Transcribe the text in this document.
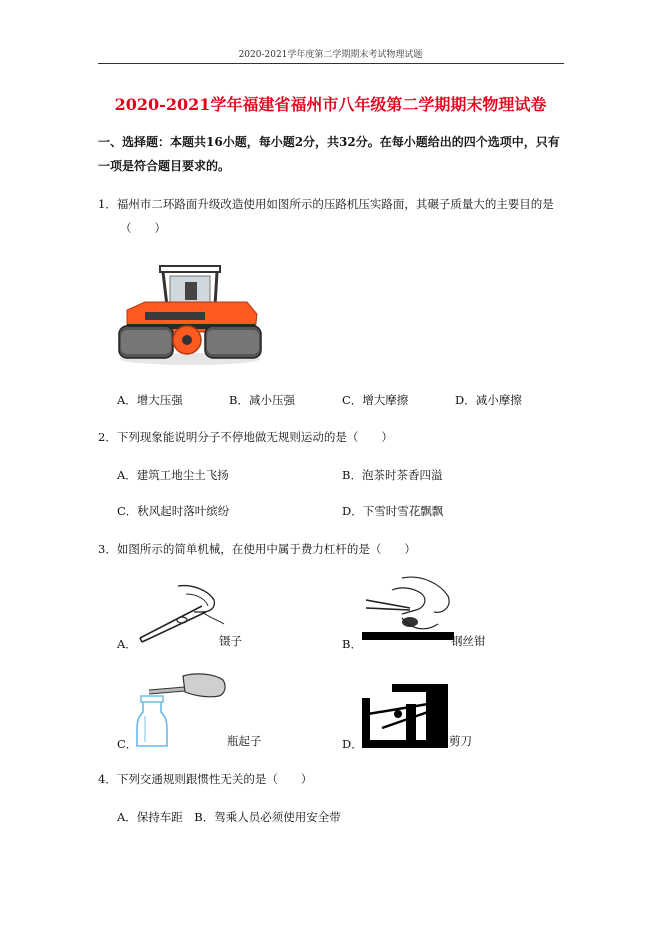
2020-2021学年度第二学期期末考试物理试题
2020-2021学年福建省福州市八年级第二学期期末物理试卷
一、选择题：本题共16小题，每小题2分，共32分。在每小题给出的四个选项中，只有
一项是符合题目要求的。
1．福州市二环路面升级改造使用如图所示的压路机压实路面，其碾子质量大的主要目的是
（　　）
A．增大压强	B．减小压强	C．增大摩擦	D．减小摩擦
2．下列现象能说明分子不停地做无规则运动的是（　　）
A．建筑工地尘土飞扬	B．泡茶时茶香四溢
C．秋风起时落叶缤纷	D．下雪时雪花飘飘
3．如图所示的简单机械，在使用中属于费力杠杆的是（　　）
A．	镊子	B．	钢丝钳
C．	瓶起子	D．	剪刀
4．下列交通规则跟惯性无关的是（　　）
A．保持车距　B．驾乘人员必须使用安全带
